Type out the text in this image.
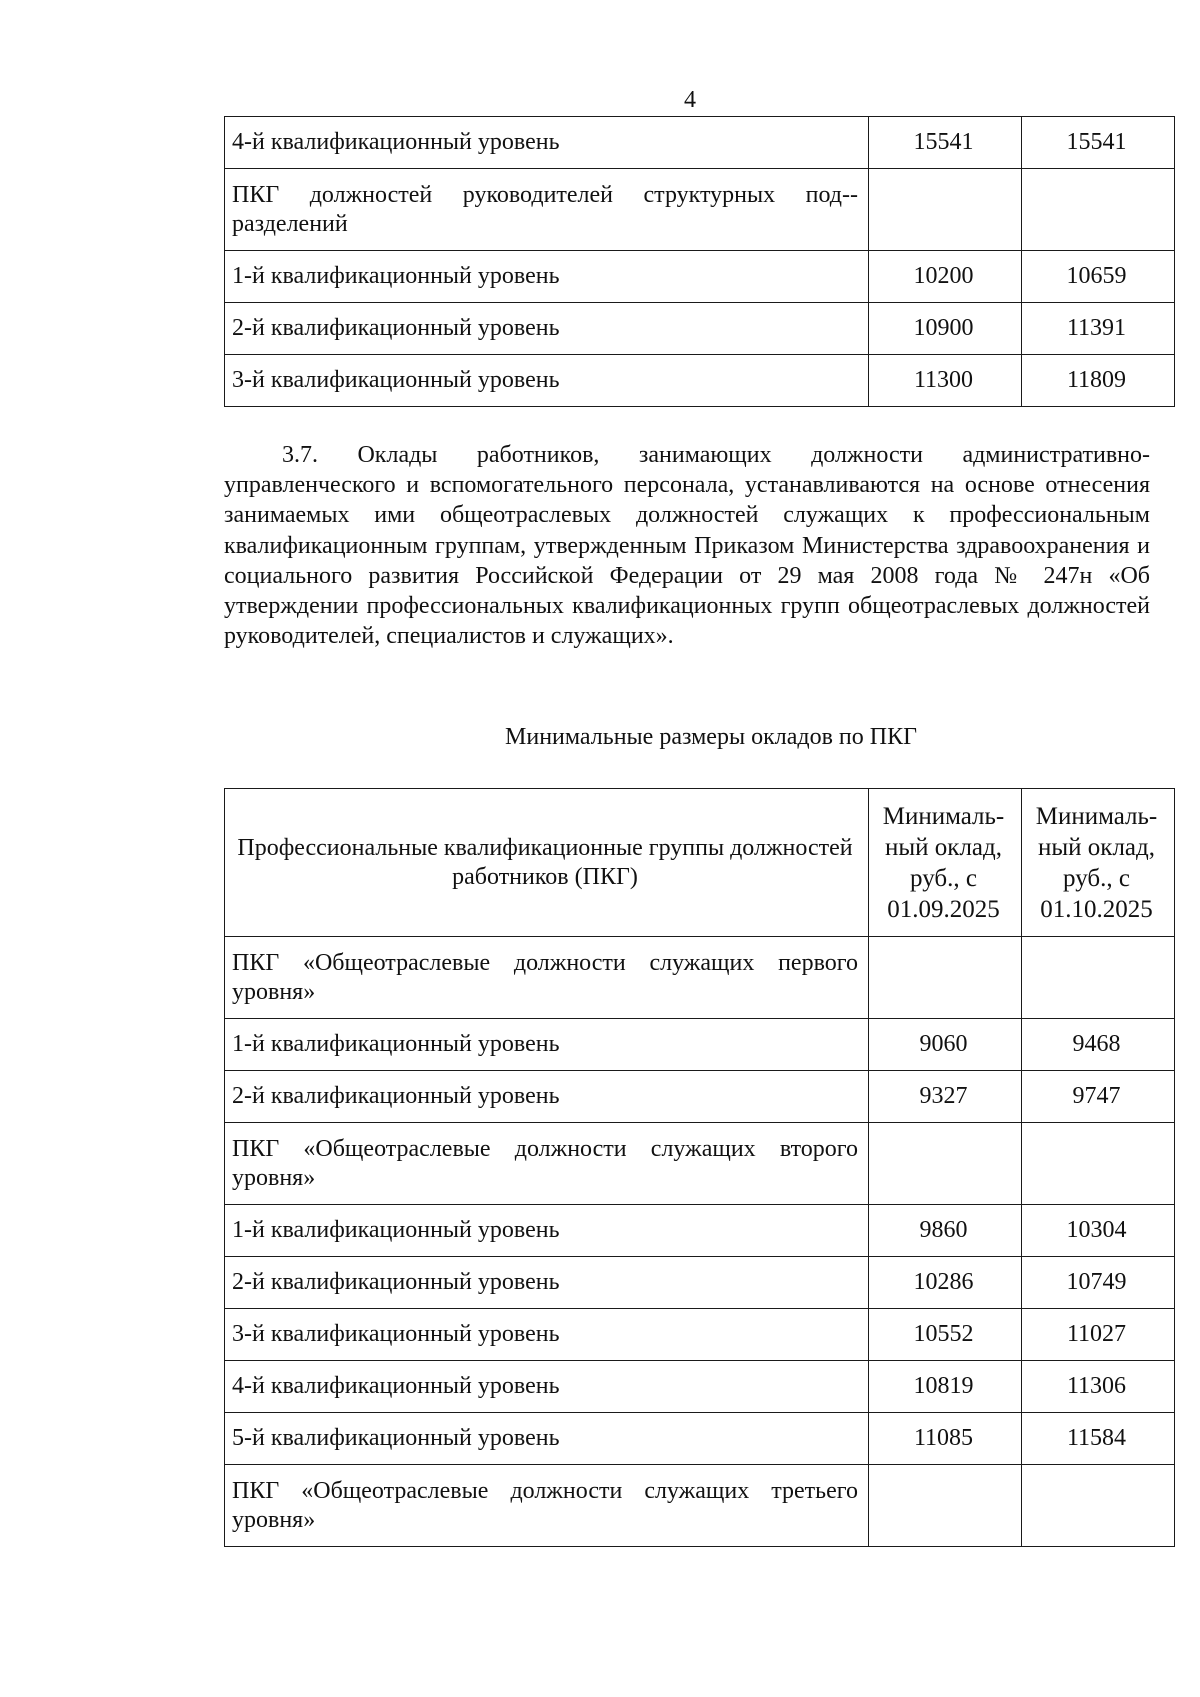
4
4-й квалификационный уровень	15541	15541
ПКГ должностей руководителей структурных под-разделений		
1-й квалификационный уровень	10200	10659
2-й квалификационный уровень	10900	11391
3-й квалификационный уровень	11300	11809

3.7. Оклады работников, занимающих должности административно-управленческого и вспомогательного персонала, устанавливаются на основе отнесения занимаемых ими общеотраслевых должностей служащих к профессиональным квалификационным группам, утвержденным Приказом Министерства здравоохранения и социального развития Российской Федерации от 29 мая 2008 года № 247н «Об утверждении профессиональных квалификационных групп общеотраслевых должностей руководителей, специалистов и служащих».

Минимальные размеры окладов по ПКГ
Профессиональные квалификационные группы должностей работников (ПКГ)	Минималь-ный оклад, руб., с 01.09.2025	Минималь-ный оклад, руб., с 01.10.2025
ПКГ «Общеотраслевые должности служащих первого уровня»		
1-й квалификационный уровень	9060	9468
2-й квалификационный уровень	9327	9747
ПКГ «Общеотраслевые должности служащих второго уровня»		
1-й квалификационный уровень	9860	10304
2-й квалификационный уровень	10286	10749
3-й квалификационный уровень	10552	11027
4-й квалификационный уровень	10819	11306
5-й квалификационный уровень	11085	11584
ПКГ «Общеотраслевые должности служащих третьего уровня»		
